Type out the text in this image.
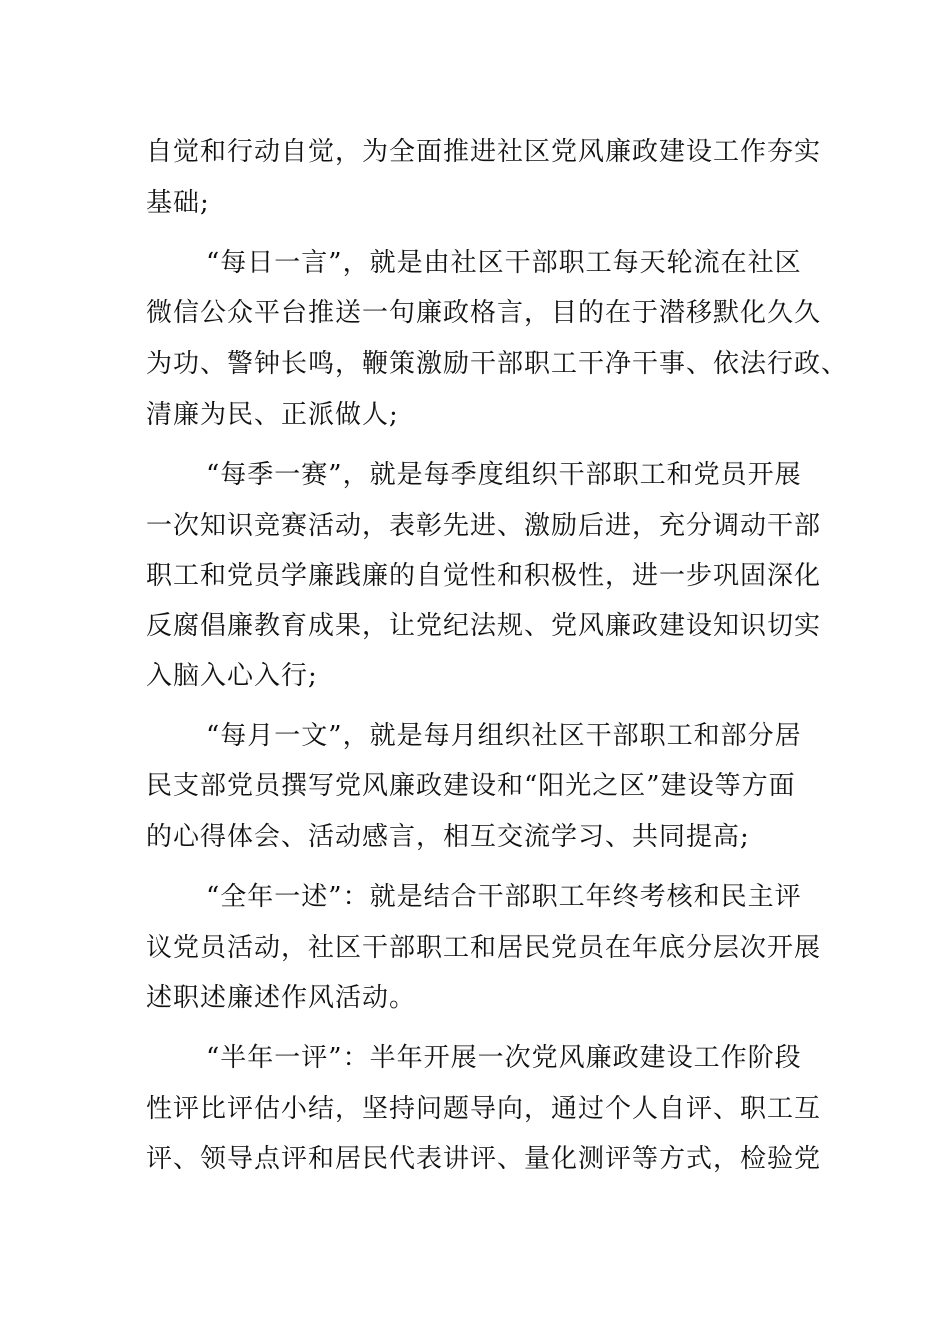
自觉和行动自觉，为全面推进社区党风廉政建设工作夯实

基础;

“每日一言”，就是由社区干部职工每天轮流在社区

微信公众平台推送一句廉政格言，目的在于潜移默化久久

为功、警钟长鸣，鞭策激励干部职工干净干事、依法行政、

清廉为民、正派做人;

“每季一赛”，就是每季度组织干部职工和党员开展

一次知识竞赛活动，表彰先进、激励后进，充分调动干部

职工和党员学廉践廉的自觉性和积极性，进一步巩固深化

反腐倡廉教育成果，让党纪法规、党风廉政建设知识切实

入脑入心入行;

“每月一文”，就是每月组织社区干部职工和部分居

民支部党员撰写党风廉政建设和“阳光之区”建设等方面

的心得体会、活动感言，相互交流学习、共同提高;

“全年一述”：就是结合干部职工年终考核和民主评

议党员活动，社区干部职工和居民党员在年底分层次开展

述职述廉述作风活动。

“半年一评”：半年开展一次党风廉政建设工作阶段

性评比评估小结，坚持问题导向，通过个人自评、职工互

评、领导点评和居民代表讲评、量化测评等方式，检验党
